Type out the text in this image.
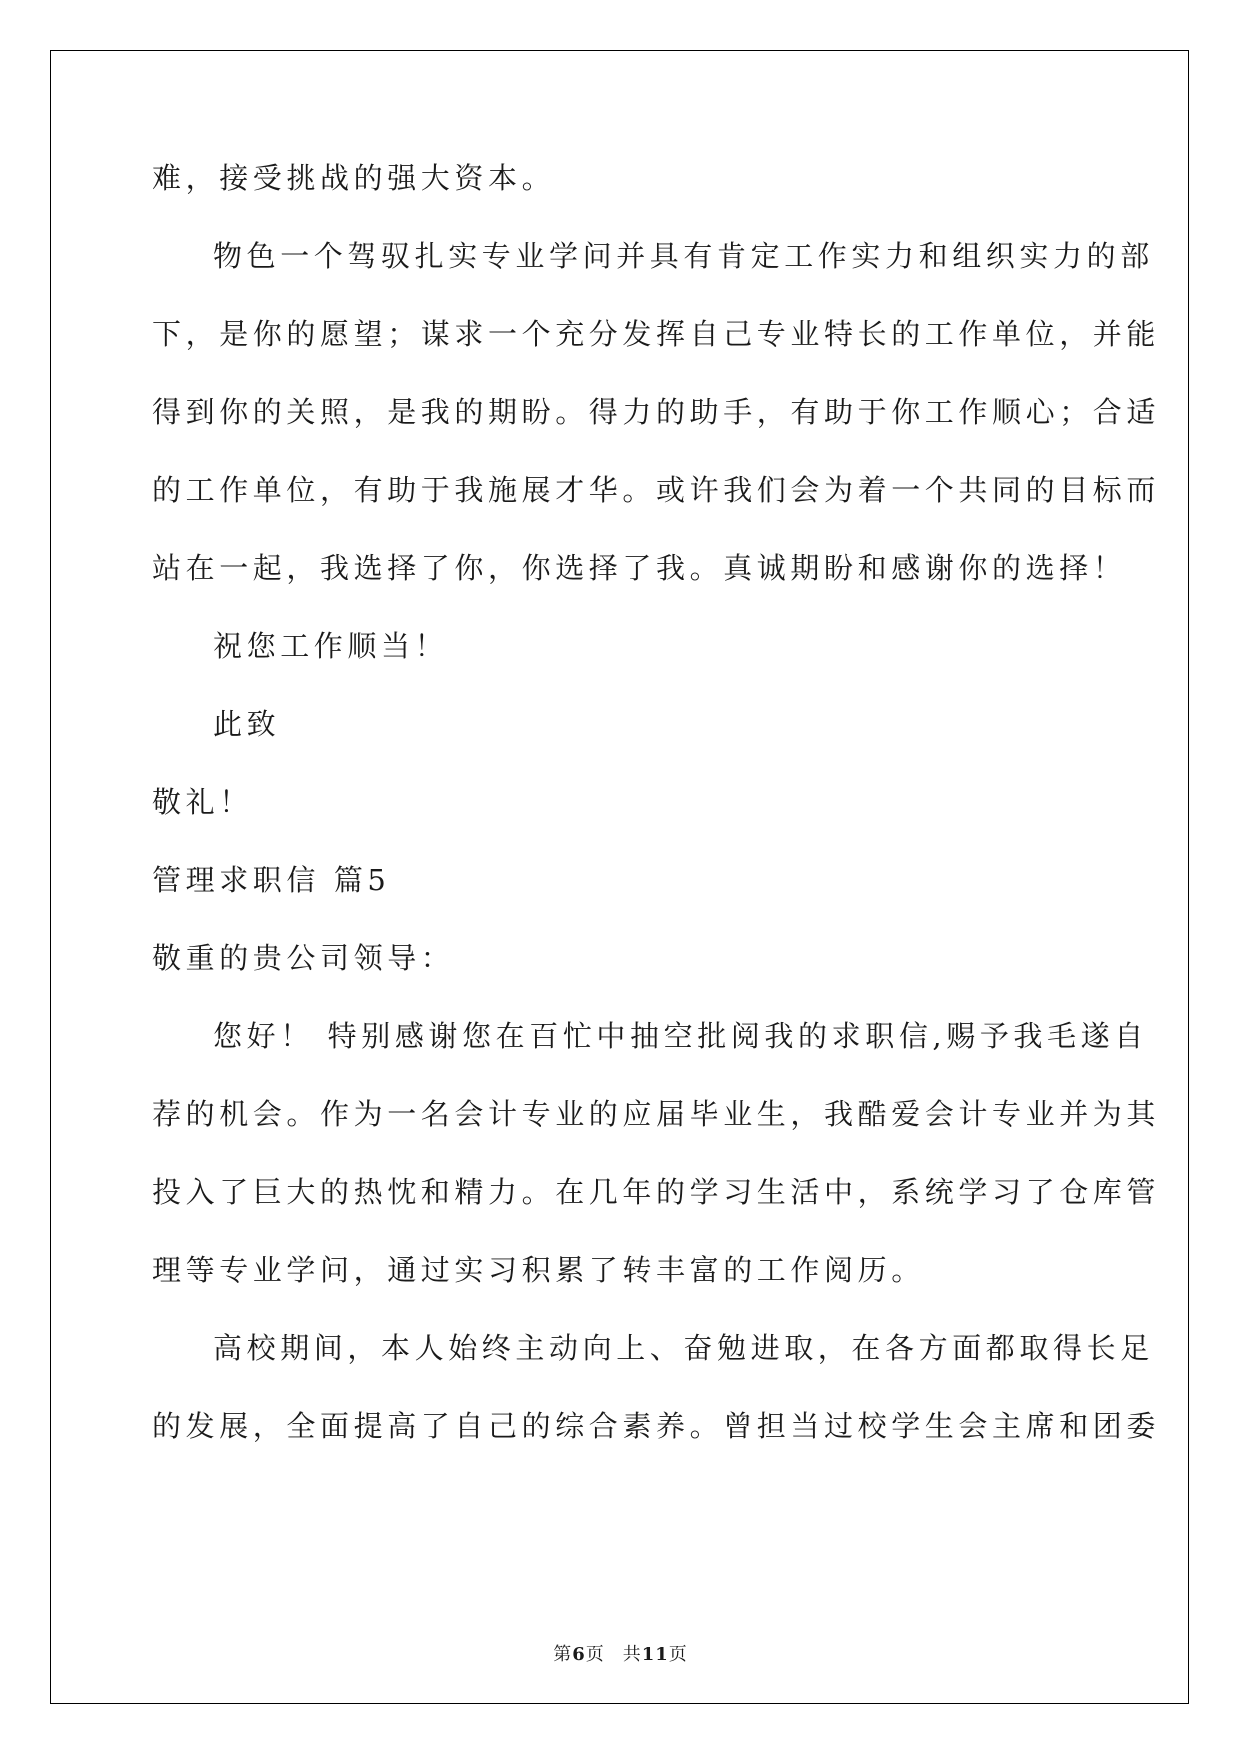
难，接受挑战的强大资本。
物色一个驾驭扎实专业学问并具有肯定工作实力和组织实力的部
下，是你的愿望；谋求一个充分发挥自己专业特长的工作单位，并能
得到你的关照，是我的期盼。得力的助手，有助于你工作顺心；合适
的工作单位，有助于我施展才华。或许我们会为着一个共同的目标而
站在一起，我选择了你，你选择了我。真诚期盼和感谢你的选择！
祝您工作顺当！
此致
敬礼！
管理求职信 篇5
敬重的贵公司领导：
您好！ 特别感谢您在百忙中抽空批阅我的求职信,赐予我毛遂自
荐的机会。作为一名会计专业的应届毕业生，我酷爱会计专业并为其
投入了巨大的热忱和精力。在几年的学习生活中，系统学习了仓库管
理等专业学问，通过实习积累了转丰富的工作阅历。
高校期间，本人始终主动向上、奋勉进取，在各方面都取得长足
的发展，全面提高了自己的综合素养。曾担当过校学生会主席和团委
第6页 共11页
